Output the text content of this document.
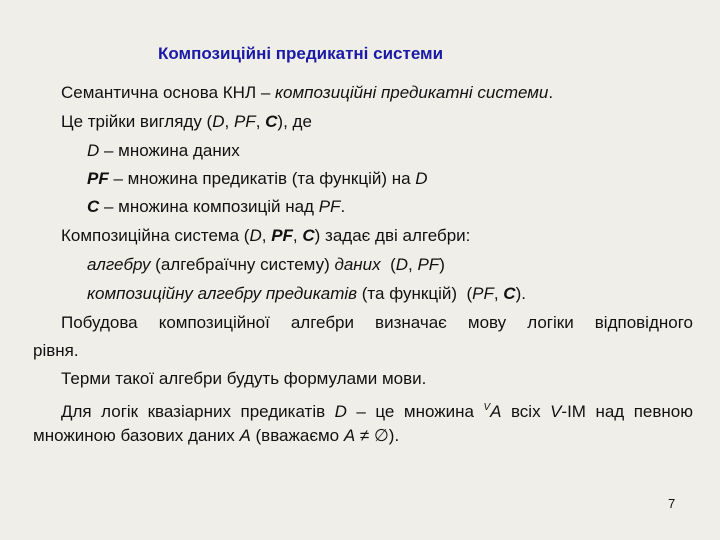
Композиційні предикатні системи
Семантична основа КНЛ – композиційні предикатні системи.
Це трійки вигляду (D, PF, C), де
D – множина даних
PF – множина предикатів (та функцій) на D
C – множина композицій над PF.
Композиційна система (D, PF, C) задає дві алгебри:
алгебру (алгебраїчну систему) даних  (D, PF)
композиційну алгебру предикатів (та функцій)  (PF, C).
Побудова композиційної алгебри визначає мову логіки відповідного
рівня.
Терми такої алгебри будуть формулами мови.
Для логік квазіарних предикатів D – це множина $^V$A всіх V-ІМ над певною
множиною базових даних A (вважаємо A ≠ ∅).
7
